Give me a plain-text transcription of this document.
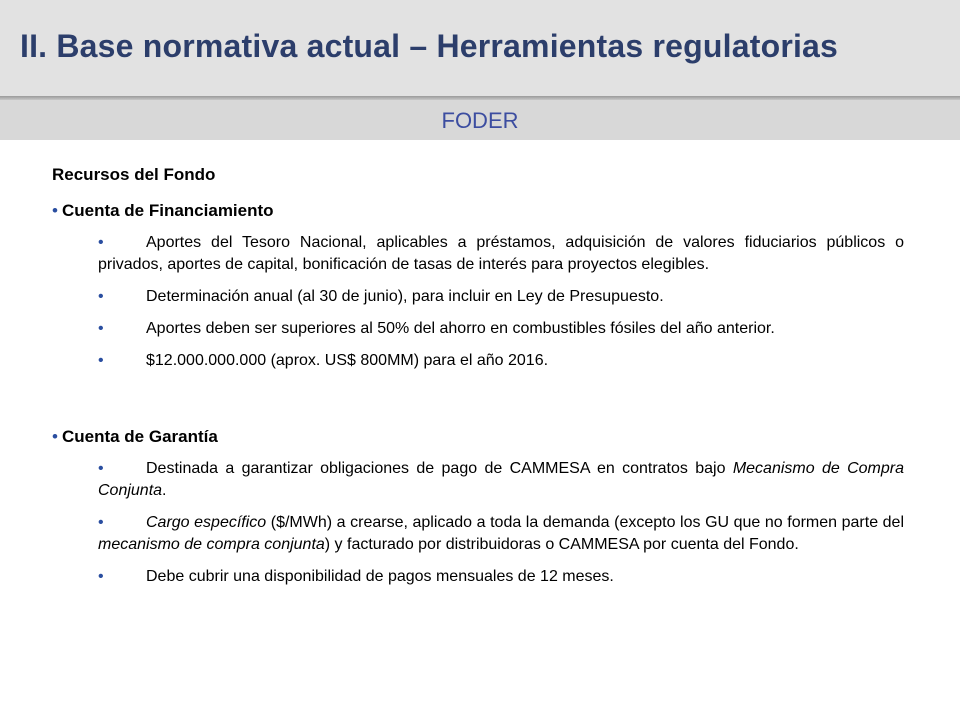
II. Base normativa actual – Herramientas regulatorias
FODER

Recursos del Fondo

• Cuenta de Financiamiento
•	Aportes del Tesoro Nacional, aplicables a préstamos, adquisición de valores fiduciarios públicos o privados, aportes de capital, bonificación de tasas de interés para proyectos elegibles.
•	Determinación anual (al 30 de junio), para incluir en Ley de Presupuesto.
•	Aportes deben ser superiores al 50% del ahorro en combustibles fósiles del año anterior.
•	$12.000.000.000 (aprox. US$ 800MM) para el año 2016.
• Cuenta de Garantía
•	Destinada a garantizar obligaciones de pago de CAMMESA en contratos bajo Mecanismo de Compra Conjunta.
•	Cargo específico ($/MWh) a crearse, aplicado a toda la demanda (excepto los GU que no formen parte del mecanismo de compra conjunta) y facturado por distribuidoras o CAMMESA por cuenta del Fondo.
•	Debe cubrir una disponibilidad de pagos mensuales de 12 meses.
